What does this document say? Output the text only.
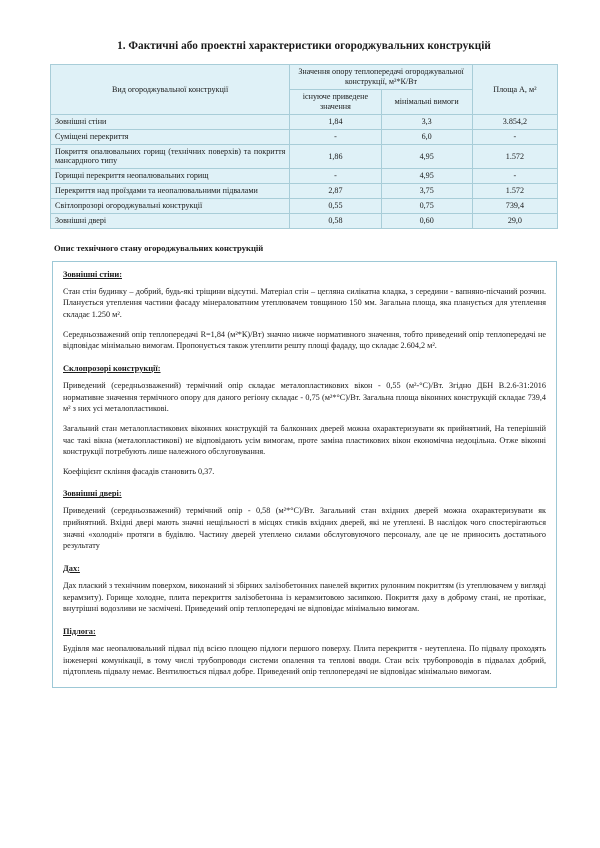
1. Фактичні або проектні характеристики огороджувальних конструкцій
Вид огороджувальної конструкції	Значення опору теплопередачі огороджувальної конструкції, м²*К/Вт		Площа А, м²
	існуюче приведене значення	мінімальні вимоги	
Зовнішні стіни	1,84	3,3	3.854,2
Суміщені перекриття	-	6,0	-
Покриття опалювальних горищ (технічних поверхів) та покриття мансардного типу	1,86	4,95	1.572
Горищні перекриття неопалювальних горищ	-	4,95	-
Перекриття над проїздами та неопалювальними підвалами	2,87	3,75	1.572
Світлопрозорі огороджувальні конструкції	0,55	0,75	739,4
Зовнішні двері	0,58	0,60	29,0
Опис технічного стану огороджувальних конструкцій
Зовнішні стіни:

Стан стін будинку – добрий, будь-які тріщини відсутні. Матеріал стін – цегляна силікатна кладка, з середини - вапняно-пісчаний розчин. Планується утеплення частини фасаду мінераловатним утеплювачем товщиною 150 мм. Загальна площа, яка планується для утеплення складає 1.250 м².

Середньозважений опір теплопередачі R=1,84 (м²*К)/Вт) значно нижче нормативного значення, тобто приведений опір теплопередачі не відповідає мінімально вимогам. Пропонується також утеплити решту площі фададу, що складає 2.604,2 м².

Склопрозорі конструкції:

Приведений (середньозважений) термічний опір складає металопластикових вікон - 0,55 (м²-°С)/Вт. Згідно ДБН В.2.6-31:2016 нормативне значення термічного опору для даного регіону складає - 0,75 (м²*°С)/Вт. Загальна площа віконних конструкцій складає 739,4 м² з них усі металопластикові.

Загальний стан металопластикових віконних конструкцій та балконних дверей можна охарактеризувати як прийнятний, На теперішній час такі вікна (металопластикові) не відповідають усім вимогам, проте заміна пластикових вікон економічна недоцільна. Отже віконні конструкції потребують лише належного обслуговування.

Коефіцієнт скління фасадів становить 0,37.

Зовнішні двері:

Приведений (середньозважений) термічний опір - 0,58 (м²*°С)/Вт. Загальний стан вхідних дверей можна охарактеризувати як прийнятний. Вхідні двері мають значні нещільності в місцях стиків вхідних дверей, які не утеплені. В наслідок чого спостерігаються значні «холодні» протяги в будівлю. Частину дверей утеплено силами обслуговуючого персоналу, але це не приносить достатнього результату

Дах:

Дах плаский з технічним поверхом, виконаний зі збірних залізобетонних панелей вкритих рулонним покриттям (із утеплювачем у вигляді керамзиту). Горище холодне, плита перекриття залізобетонна із керамзитовою засипкою. Покриття даху в доброму стані, не протікає, внутрішні водозливи не засмічені. Приведений опір теплопередачі не відповідає мінімально вимогам.

Підлога:

Будівля має неопалювальний підвал під всією площею підлоги першого поверху. Плита перекриття - неутеплена. По підвалу проходять інженерні комунікації, в тому числі трубопроводи системи опалення та теплові вводи. Стан всіх трубопроводів в підвалах добрий, підтоплень підвалу немає. Вентилюється підвал добре. Приведений опір теплопередачі не відповідає мінімально вимогам.
